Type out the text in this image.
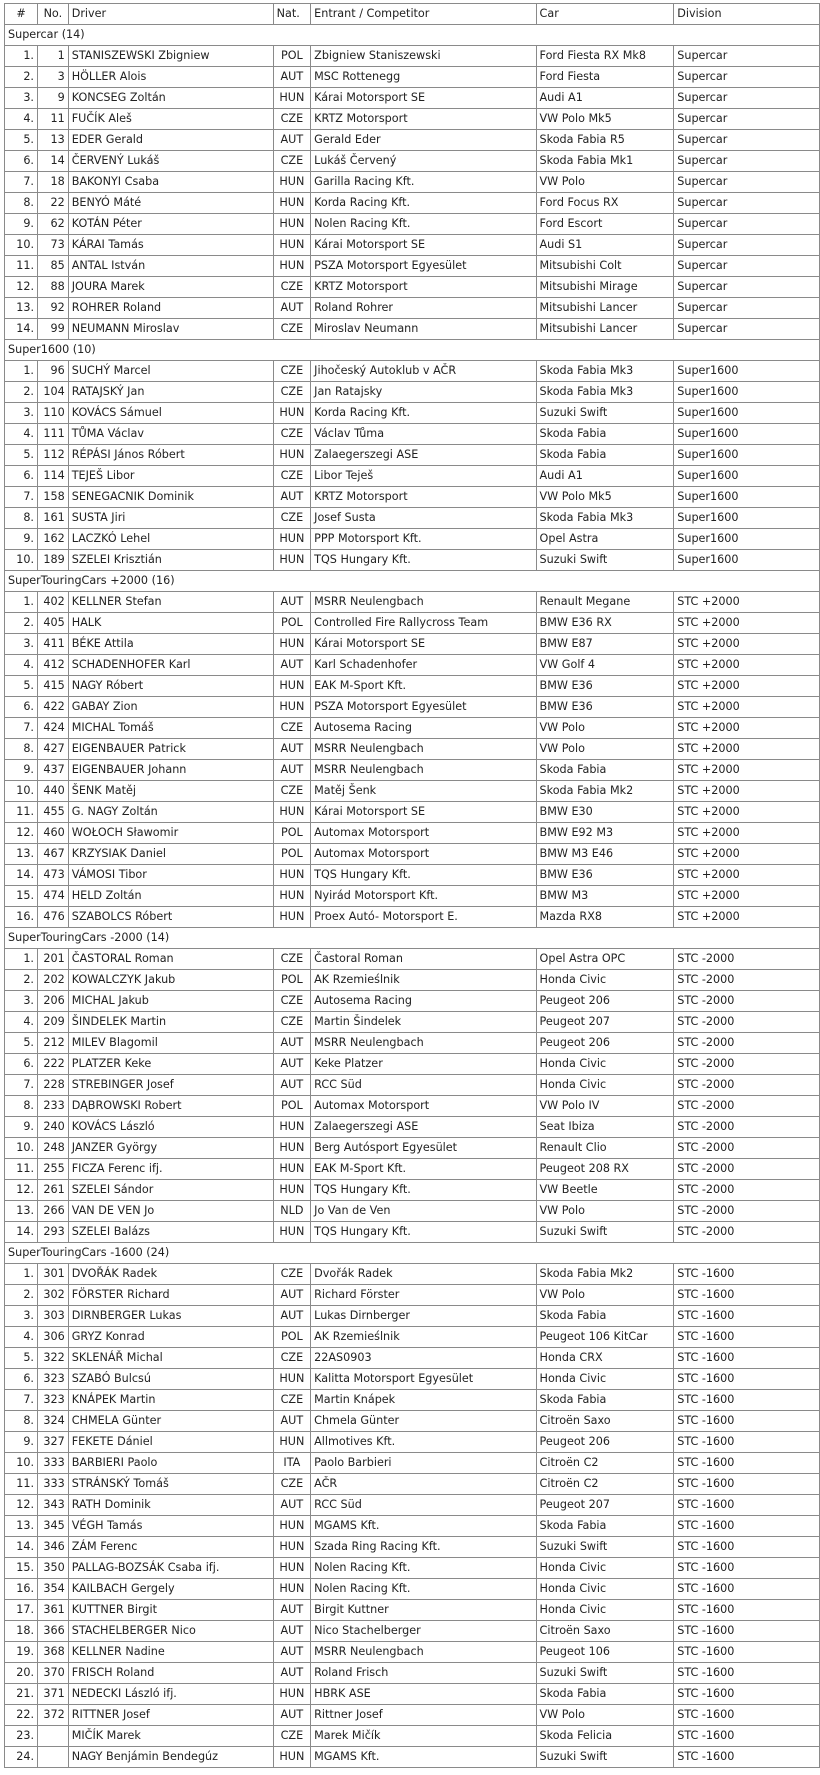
#	No.	Driver	Nat.	Entrant / Competitor	Car	Division
Supercar (14)						
1.	1	STANISZEWSKI Zbigniew	POL	Zbigniew Staniszewski	Ford Fiesta RX Mk8	Supercar
2.	3	HÖLLER Alois	AUT	MSC Rottenegg	Ford Fiesta	Supercar
3.	9	KONCSEG Zoltán	HUN	Kárai Motorsport SE	Audi A1	Supercar
4.	11	FUČÍK Aleš	CZE	KRTZ Motorsport	VW Polo Mk5	Supercar
5.	13	EDER Gerald	AUT	Gerald Eder	Skoda Fabia R5	Supercar
6.	14	ČERVENÝ Lukáš	CZE	Lukáš Červený	Skoda Fabia Mk1	Supercar
7.	18	BAKONYI Csaba	HUN	Garilla Racing Kft.	VW Polo	Supercar
8.	22	BENYÓ Máté	HUN	Korda Racing Kft.	Ford Focus RX	Supercar
9.	62	KOTÁN Péter	HUN	Nolen Racing Kft.	Ford Escort	Supercar
10.	73	KÁRAI Tamás	HUN	Kárai Motorsport SE	Audi S1	Supercar
11.	85	ANTAL István	HUN	PSZA Motorsport Egyesület	Mitsubishi Colt	Supercar
12.	88	JOURA Marek	CZE	KRTZ Motorsport	Mitsubishi Mirage	Supercar
13.	92	ROHRER Roland	AUT	Roland Rohrer	Mitsubishi Lancer	Supercar
14.	99	NEUMANN Miroslav	CZE	Miroslav Neumann	Mitsubishi Lancer	Supercar
Super1600 (10)						
1.	96	SUCHÝ Marcel	CZE	Jihočeský Autoklub v AČR	Skoda Fabia Mk3	Super1600
2.	104	RATAJSKÝ Jan	CZE	Jan Ratajsky	Skoda Fabia Mk3	Super1600
3.	110	KOVÁCS Sámuel	HUN	Korda Racing Kft.	Suzuki Swift	Super1600
4.	111	TŮMA Václav	CZE	Václav Tůma	Skoda Fabia	Super1600
5.	112	RÉPÁSI János Róbert	HUN	Zalaegerszegi ASE	Skoda Fabia	Super1600
6.	114	TEJEŠ Libor	CZE	Libor Teješ	Audi A1	Super1600
7.	158	SENEGACNIK Dominik	AUT	KRTZ Motorsport	VW Polo Mk5	Super1600
8.	161	SUSTA Jiri	CZE	Josef Susta	Skoda Fabia Mk3	Super1600
9.	162	LACZKÓ Lehel	HUN	PPP Motorsport Kft.	Opel Astra	Super1600
10.	189	SZELEI Krisztián	HUN	TQS Hungary Kft.	Suzuki Swift	Super1600
SuperTouringCars +2000 (16)						
1.	402	KELLNER Stefan	AUT	MSRR Neulengbach	Renault Megane	STC +2000
2.	405	HALK	POL	Controlled Fire Rallycross Team	BMW E36 RX	STC +2000
3.	411	BÉKE Attila	HUN	Kárai Motorsport SE	BMW E87	STC +2000
4.	412	SCHADENHOFER Karl	AUT	Karl Schadenhofer	VW Golf 4	STC +2000
5.	415	NAGY Róbert	HUN	EAK M-Sport Kft.	BMW E36	STC +2000
6.	422	GABAY Zion	HUN	PSZA Motorsport Egyesület	BMW E36	STC +2000
7.	424	MICHAL Tomáš	CZE	Autosema Racing	VW Polo	STC +2000
8.	427	EIGENBAUER Patrick	AUT	MSRR Neulengbach	VW Polo	STC +2000
9.	437	EIGENBAUER Johann	AUT	MSRR Neulengbach	Skoda Fabia	STC +2000
10.	440	ŠENK Matěj	CZE	Matěj Šenk	Skoda Fabia Mk2	STC +2000
11.	455	G. NAGY Zoltán	HUN	Kárai Motorsport SE	BMW E30	STC +2000
12.	460	WOŁOCH Sławomir	POL	Automax Motorsport	BMW E92 M3	STC +2000
13.	467	KRZYSIAK Daniel	POL	Automax Motorsport	BMW M3 E46	STC +2000
14.	473	VÁMOSI Tibor	HUN	TQS Hungary Kft.	BMW E36	STC +2000
15.	474	HELD Zoltán	HUN	Nyirád Motorsport Kft.	BMW M3	STC +2000
16.	476	SZABOLCS Róbert	HUN	Proex Autó- Motorsport E.	Mazda RX8	STC +2000
SuperTouringCars -2000 (14)						
1.	201	ČASTORAL Roman	CZE	Častoral Roman	Opel Astra OPC	STC -2000
2.	202	KOWALCZYK Jakub	POL	AK Rzemieślnik	Honda Civic	STC -2000
3.	206	MICHAL Jakub	CZE	Autosema Racing	Peugeot 206	STC -2000
4.	209	ŠINDELEK Martin	CZE	Martin Šindelek	Peugeot 207	STC -2000
5.	212	MILEV Blagomil	AUT	MSRR Neulengbach	Peugeot 206	STC -2000
6.	222	PLATZER Keke	AUT	Keke Platzer	Honda Civic	STC -2000
7.	228	STREBINGER Josef	AUT	RCC Süd	Honda Civic	STC -2000
8.	233	DĄBROWSKI Robert	POL	Automax Motorsport	VW Polo IV	STC -2000
9.	240	KOVÁCS László	HUN	Zalaegerszegi ASE	Seat Ibiza	STC -2000
10.	248	JANZER György	HUN	Berg Autósport Egyesület	Renault Clio	STC -2000
11.	255	FICZA Ferenc ifj.	HUN	EAK M-Sport Kft.	Peugeot 208 RX	STC -2000
12.	261	SZELEI Sándor	HUN	TQS Hungary Kft.	VW Beetle	STC -2000
13.	266	VAN DE VEN Jo	NLD	Jo Van de Ven	VW Polo	STC -2000
14.	293	SZELEI Balázs	HUN	TQS Hungary Kft.	Suzuki Swift	STC -2000
SuperTouringCars -1600 (24)						
1.	301	DVOŘÁK Radek	CZE	Dvořák Radek	Skoda Fabia Mk2	STC -1600
2.	302	FÖRSTER Richard	AUT	Richard Förster	VW Polo	STC -1600
3.	303	DIRNBERGER Lukas	AUT	Lukas Dirnberger	Skoda Fabia	STC -1600
4.	306	GRYZ Konrad	POL	AK Rzemieślnik	Peugeot 106 KitCar	STC -1600
5.	322	SKLENÁŘ Michal	CZE	22AS0903	Honda CRX	STC -1600
6.	323	SZABÓ Bulcsú	HUN	Kalitta Motorsport Egyesület	Honda Civic	STC -1600
7.	323	KNÁPEK Martin	CZE	Martin Knápek	Skoda Fabia	STC -1600
8.	324	CHMELA Günter	AUT	Chmela Günter	Citroën Saxo	STC -1600
9.	327	FEKETE Dániel	HUN	Allmotives Kft.	Peugeot 206	STC -1600
10.	333	BARBIERI Paolo	ITA	Paolo Barbieri	Citroën C2	STC -1600
11.	333	STRÁNSKÝ Tomáš	CZE	AČR	Citroën C2	STC -1600
12.	343	RATH Dominik	AUT	RCC Süd	Peugeot 207	STC -1600
13.	345	VÉGH Tamás	HUN	MGAMS Kft.	Skoda Fabia	STC -1600
14.	346	ZÁM Ferenc	HUN	Szada Ring Racing Kft.	Suzuki Swift	STC -1600
15.	350	PALLAG-BOZSÁK Csaba ifj.	HUN	Nolen Racing Kft.	Honda Civic	STC -1600
16.	354	KAILBACH Gergely	HUN	Nolen Racing Kft.	Honda Civic	STC -1600
17.	361	KUTTNER Birgit	AUT	Birgit Kuttner	Honda Civic	STC -1600
18.	366	STACHELBERGER Nico	AUT	Nico Stachelberger	Citroën Saxo	STC -1600
19.	368	KELLNER Nadine	AUT	MSRR Neulengbach	Peugeot 106	STC -1600
20.	370	FRISCH Roland	AUT	Roland Frisch	Suzuki Swift	STC -1600
21.	371	NEDECKI László ifj.	HUN	HBRK ASE	Skoda Fabia	STC -1600
22.	372	RITTNER Josef	AUT	Rittner Josef	VW Polo	STC -1600
23.		MIČÍK Marek	CZE	Marek Mičík	Skoda Felicia	STC -1600
24.		NAGY Benjámin Bendegúz	HUN	MGAMS Kft.	Suzuki Swift	STC -1600
